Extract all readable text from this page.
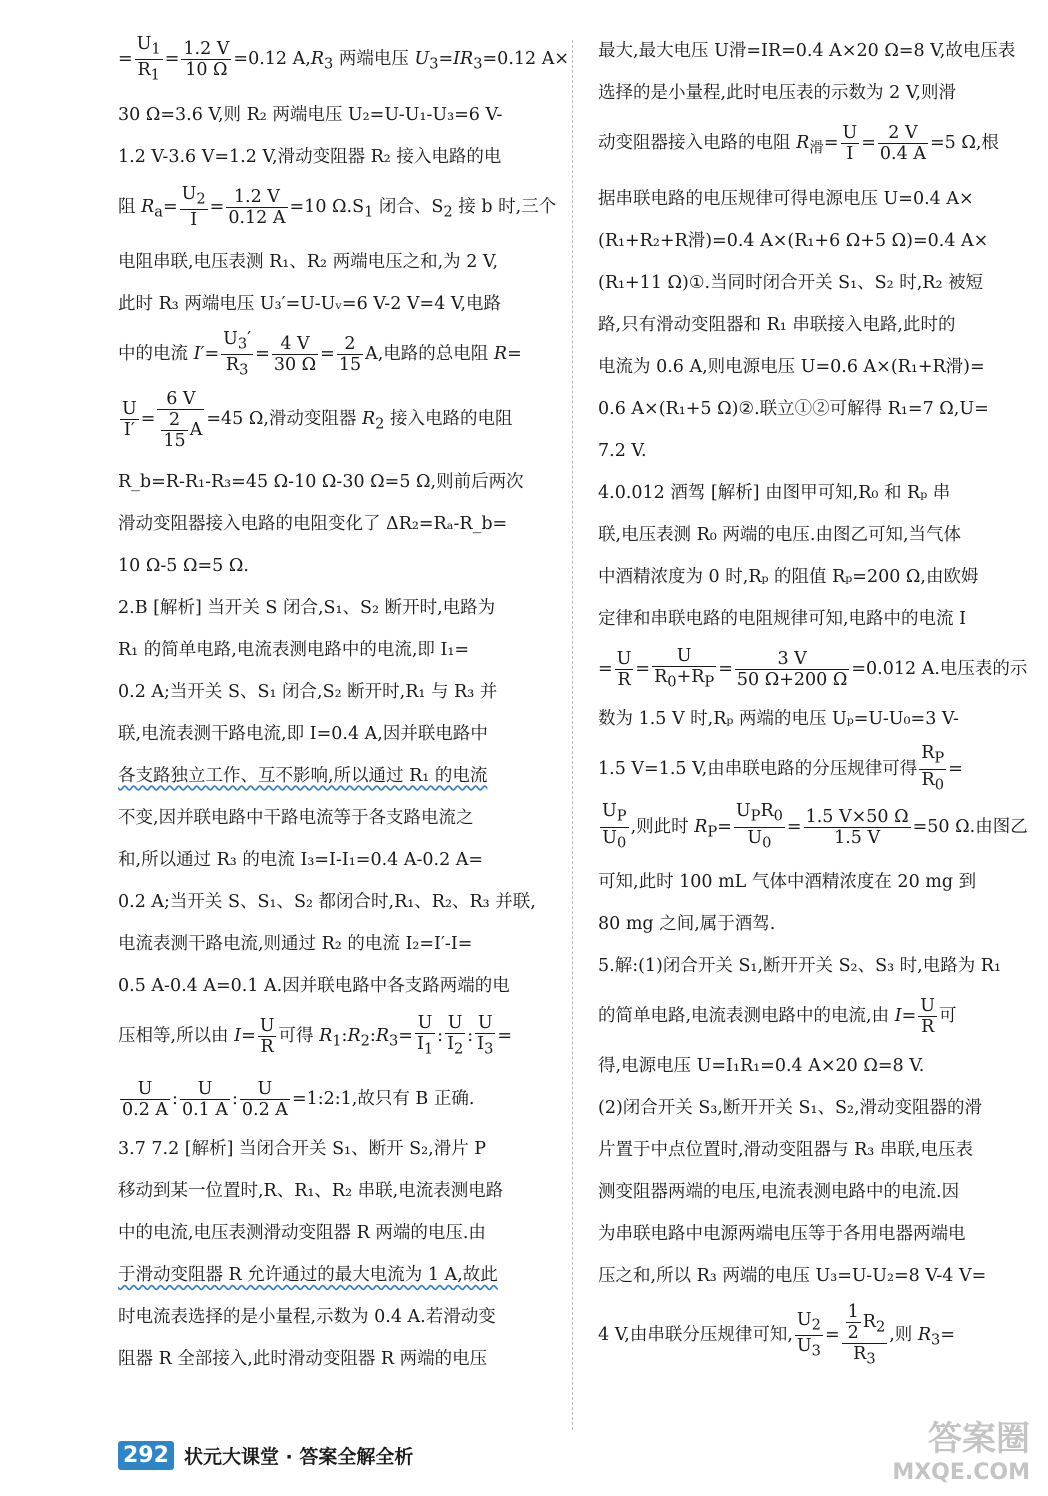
= $\frac{U_1}{R_1} = \frac{1.2 V}{10 \Omega} =0.12$ $A,R_3$ 两端电压 $U_3=IR_3=0.12$ A×
30 Ω=3.6 V,则 R₂ 两端电压 U₂=U-U₁-U₃=6 V-
1.2 V-3.6 V=1.2 V,滑动变阻器 R₂ 接入电路的电
阻 $R_a= \frac{U_2}{I} = \frac{1.2 V}{0.12 A} =10$ $\Omega.S_1$ 闭合、$S_2$ 接 b 时,三个
电阻串联,电压表测 R₁、R₂ 两端电压之和,为 2 V,
此时 R₃ 两端电压 U₃′=U-Uᵥ=6 V-2 V=4 V,电路
中的电流 $I'= \frac{U_3'}{R_3} = \frac{4 V}{30 \Omega} = \frac{2}{15} A$,电路的总电阻 R=
$\frac{U}{I'} = \frac{6 V}{\frac{2}{15} A} =45$ Ω,滑动变阻器 $R_2$ 接入电路的电阻
R_b=R-R₁-R₃=45 Ω-10 Ω-30 Ω=5 Ω,则前后两次
滑动变阻器接入电路的电阻变化了 ΔR₂=Rₐ-R_b=
10 Ω-5 Ω=5 Ω.
2.B [解析] 当开关 S 闭合,S₁、S₂ 断开时,电路为
R₁ 的简单电路,电流表测电路中的电流,即 I₁=
0.2 A;当开关 S、S₁ 闭合,S₂ 断开时,R₁ 与 R₃ 并
联,电流表测干路电流,即 I=0.4 A,因并联电路中
各支路独立工作、互不影响,所以通过 R₁ 的电流
不变,因并联电路中干路电流等于各支路电流之
和,所以通过 R₃ 的电流 I₃=I-I₁=0.4 A-0.2 A=
0.2 A;当开关 S、S₁、S₂ 都闭合时,R₁、R₂、R₃ 并联,
电流表测干路电流,则通过 R₂ 的电流 I₂=I′-I=
0.5 A-0.4 A=0.1 A.因并联电路中各支路两端的电
压相等,所以由 $I= \frac{U}{R}$ 可得 $R_1:R_2:R_3= \frac{U}{I_1}$ : $\frac{U}{I_2}$ : $\frac{U}{I_3}$ =
$\frac{U}{0.2 A}$ : $\frac{U}{0.1 A}$ : $\frac{U}{0.2 A}$ =1:2:1,故只有 B 正确.
3.7 7.2 [解析] 当闭合开关 S₁、断开 S₂,滑片 P
移动到某一位置时,R、R₁、R₂ 串联,电流表测电路
中的电流,电压表测滑动变阻器 R 两端的电压.由
于滑动变阻器 R 允许通过的最大电流为 1 A,故此
时电流表选择的是小量程,示数为 0.4 A.若滑动变
阻器 R 全部接入,此时滑动变阻器 R 两端的电压
最大,最大电压 U滑=IR=0.4 A×20 Ω=8 V,故电压表
选择的是小量程,此时电压表的示数为 2 V,则滑
动变阻器接入电路的电阻 $R_滑= \frac{U}{I} = \frac{2 V}{0.4 A} =5$ Ω,根
据串联电路的电压规律可得电源电压 U=0.4 A×
(R₁+R₂+R滑)=0.4 A×(R₁+6 Ω+5 Ω)=0.4 A×
(R₁+11 Ω)①.当同时闭合开关 S₁、S₂ 时,R₂ 被短
路,只有滑动变阻器和 R₁ 串联接入电路,此时的
电流为 0.6 A,则电源电压 U=0.6 A×(R₁+R滑)=
0.6 A×(R₁+5 Ω)②.联立①②可解得 R₁=7 Ω,U=
7.2 V.
4.0.012 酒驾 [解析] 由图甲可知,R₀ 和 Rₚ 串
联,电压表测 R₀ 两端的电压.由图乙可知,当气体
中酒精浓度为 0 时,Rₚ 的阻值 Rₚ=200 Ω,由欧姆
定律和串联电路的电阻规律可知,电路中的电流 I
= $\frac{U}{R} = \frac{U}{R_0+R_P} = \frac{3 V}{50 \Omega+200 \Omega} =0.012$ A.电压表的示
数为 1.5 V 时,Rₚ 两端的电压 Uₚ=U-U₀=3 V-
1.5 V=1.5 V,由串联电路的分压规律可得 $\frac{R_P}{R_0}$ =
$\frac{U_P}{U_0}$ ,则此时 $R_P= \frac{U_PR_0}{U_0} = \frac{1.5 V\times 50 \Omega}{1.5 V} =50$ Ω.由图乙
可知,此时 100 mL 气体中酒精浓度在 20 mg 到
80 mg 之间,属于酒驾.
5.解:(1)闭合开关 S₁,断开开关 S₂、S₃ 时,电路为 R₁
的简单电路,电流表测电路中的电流,由 $I= \frac{U}{R}$ 可
得,电源电压 U=I₁R₁=0.4 A×20 Ω=8 V.
(2)闭合开关 S₃,断开开关 S₁、S₂,滑动变阻器的滑
片置于中点位置时,滑动变阻器与 R₃ 串联,电压表
测变阻器两端的电压,电流表测电路中的电流.因
为串联电路中电源两端电压等于各用电器两端电
压之和,所以 R₃ 两端的电压 U₃=U-U₂=8 V-4 V=
4 V,由串联分压规律可知, $\frac{U_2}{U_3} = \frac{\frac{1}{2} R_2}{R_3}$ ,则 $R_3=$
292 状元大课堂 · 答案全解全析	答案圈
MXQE.COM
